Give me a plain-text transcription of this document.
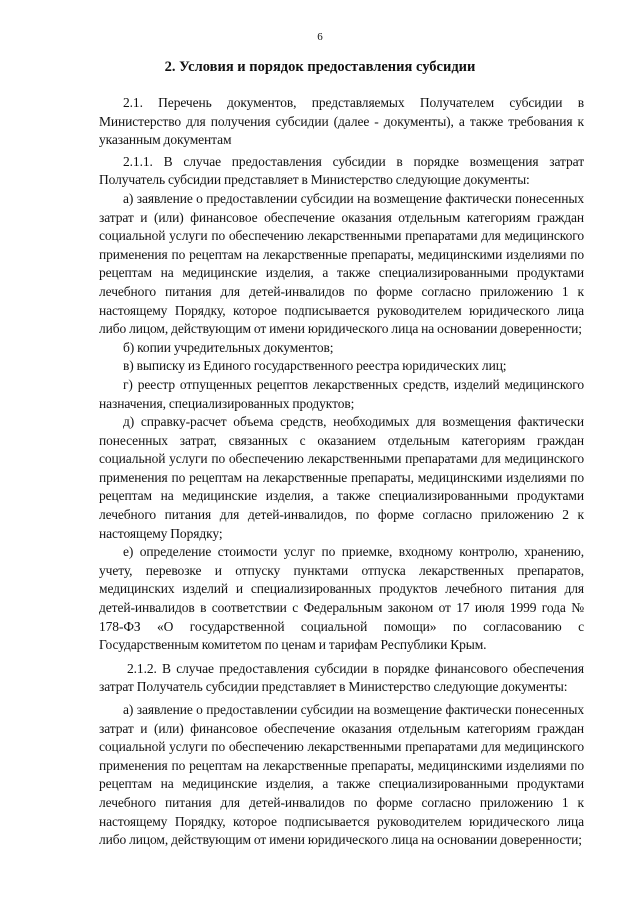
6
2. Условия и порядок предоставления субсидии

2.1. Перечень документов, представляемых Получателем субсидии в Министерство для получения субсидии (далее - документы), а также требования к указанным документам

2.1.1. В случае предоставления субсидии в порядке возмещения затрат Получатель субсидии представляет в Министерство следующие документы:

а) заявление о предоставлении субсидии на возмещение фактически понесенных затрат и (или) финансовое обеспечение оказания отдельным категориям граждан социальной услуги по обеспечению лекарственными препаратами для медицинского применения по рецептам на лекарственные препараты, медицинскими изделиями по рецептам на медицинские изделия, а также специализированными продуктами лечебного питания для детей-инвалидов по форме согласно приложению 1 к настоящему Порядку, которое подписывается руководителем юридического лица либо лицом, действующим от имени юридического лица на основании доверенности;

б) копии учредительных документов;

в) выписку из Единого государственного реестра юридических лиц;

г) реестр отпущенных рецептов лекарственных средств, изделий медицинского назначения, специализированных продуктов;

д) справку-расчет объема средств, необходимых для возмещения фактически понесенных затрат, связанных с оказанием отдельным категориям граждан социальной услуги по обеспечению лекарственными препаратами для медицинского применения по рецептам на лекарственные препараты, медицинскими изделиями по рецептам на медицинские изделия, а также специализированными продуктами лечебного питания для детей-инвалидов, по форме согласно приложению 2 к настоящему Порядку;

е) определение стоимости услуг по приемке, входному контролю, хранению, учету, перевозке и отпуску пунктами отпуска лекарственных препаратов, медицинских изделий и специализированных продуктов лечебного питания для детей-инвалидов в соответствии с Федеральным законом от 17 июля 1999 года № 178-ФЗ «О государственной социальной помощи» по согласованию с Государственным комитетом по ценам и тарифам Республики Крым.

2.1.2. В случае предоставления субсидии в порядке финансового обеспечения затрат Получатель субсидии представляет в Министерство следующие документы:

а) заявление о предоставлении субсидии на возмещение фактически понесенных затрат и (или) финансовое обеспечение оказания отдельным категориям граждан социальной услуги по обеспечению лекарственными препаратами для медицинского применения по рецептам на лекарственные препараты, медицинскими изделиями по рецептам на медицинские изделия, а также специализированными продуктами лечебного питания для детей-инвалидов по форме согласно приложению 1 к настоящему Порядку, которое подписывается руководителем юридического лица либо лицом, действующим от имени юридического лица на основании доверенности;
